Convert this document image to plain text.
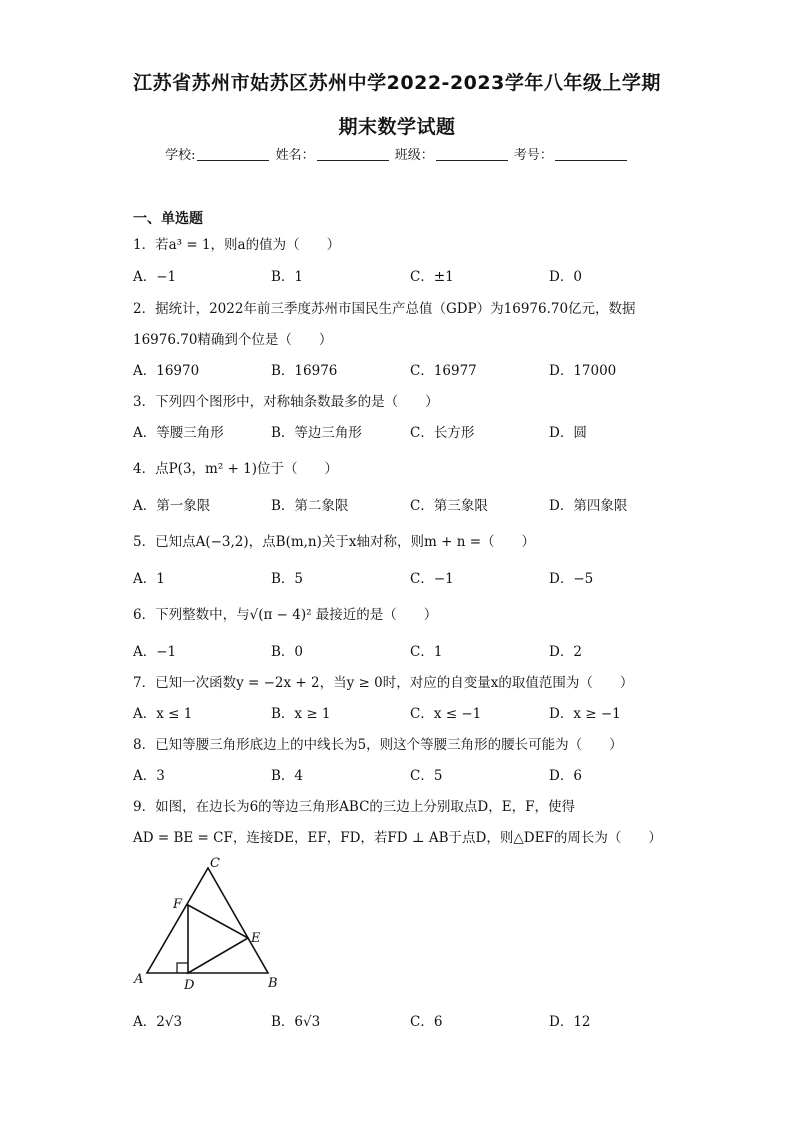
江苏省苏州市姑苏区苏州中学2022-2023学年八年级上学期
期末数学试题
学校:	姓名：	班级：	考号：
一、单选题
1．若a³ = 1，则a的值为（　　）
A．−1	B．1	C．±1	D．0
2．据统计，2022年前三季度苏州市国民生产总值（GDP）为16976.70亿元，数据
16976.70精确到个位是（　　）
A．16970	B．16976	C．16977	D．17000
3．下列四个图形中，对称轴条数最多的是（　　）
A．等腰三角形	B．等边三角形	C．长方形	D．圆
4．点P(3，m² + 1)位于（　　）
A．第一象限	B．第二象限	C．第三象限	D．第四象限
5．已知点A(−3,2)，点B(m,n)关于x轴对称，则m + n =（　　）
A．1	B．5	C．−1	D．−5
6．下列整数中，与√(π − 4)² 最接近的是（　　）
A．−1	B．0	C．1	D．2
7．已知一次函数y = −2x + 2，当y ≥ 0时，对应的自变量x的取值范围为（　　）
A．x ≤ 1	B．x ≥ 1	C．x ≤ −1	D．x ≥ −1
8．已知等腰三角形底边上的中线长为5，则这个等腰三角形的腰长可能为（　　）
A．3	B．4	C．5	D．6
9．如图，在边长为6的等边三角形ABC的三边上分别取点D，E，F，使得
AD = BE = CF，连接DE，EF，FD，若FD ⊥ AB于点D，则△DEF的周长为（　　）
A	B
C
D
E
F
A．2√3	B．6√3	C．6	D．12
